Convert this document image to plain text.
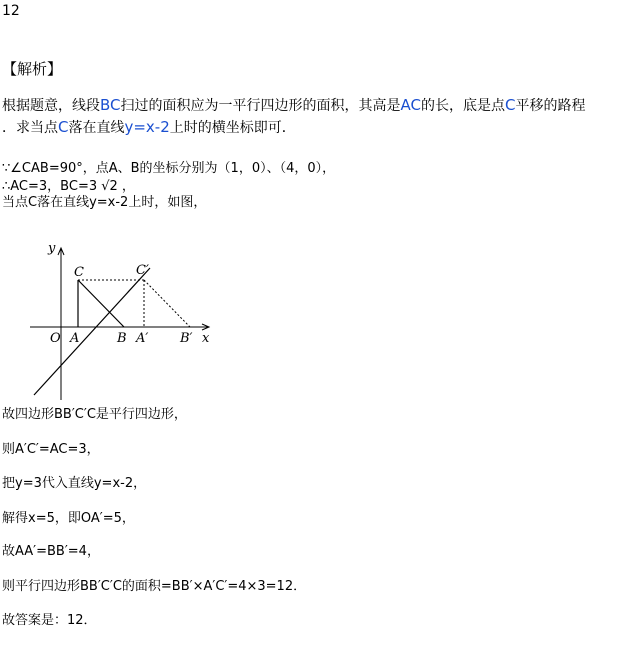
12
【解析】
根据题意，线段BC扫过的面积应为一平行四边形的面积，其高是AC的长，底是点C平移的路程
．求当点C落在直线y=x-2上时的横坐标即可．
∵∠CAB=90°，点A、B的坐标分别为（1，0）、（4，0），
∴AC=3，BC=3 √2 ，
当点C落在直线y=x-2上时，如图，
y
x
O A	B A′ B′
C	C′
故四边形BB′C′C是平行四边形，
则A′C′=AC=3，
把y=3代入直线y=x-2，
解得x=5，即OA′=5，
故AA′=BB′=4，
则平行四边形BB′C′C的面积=BB′×A′C′=4×3=12．
故答案是：12．
